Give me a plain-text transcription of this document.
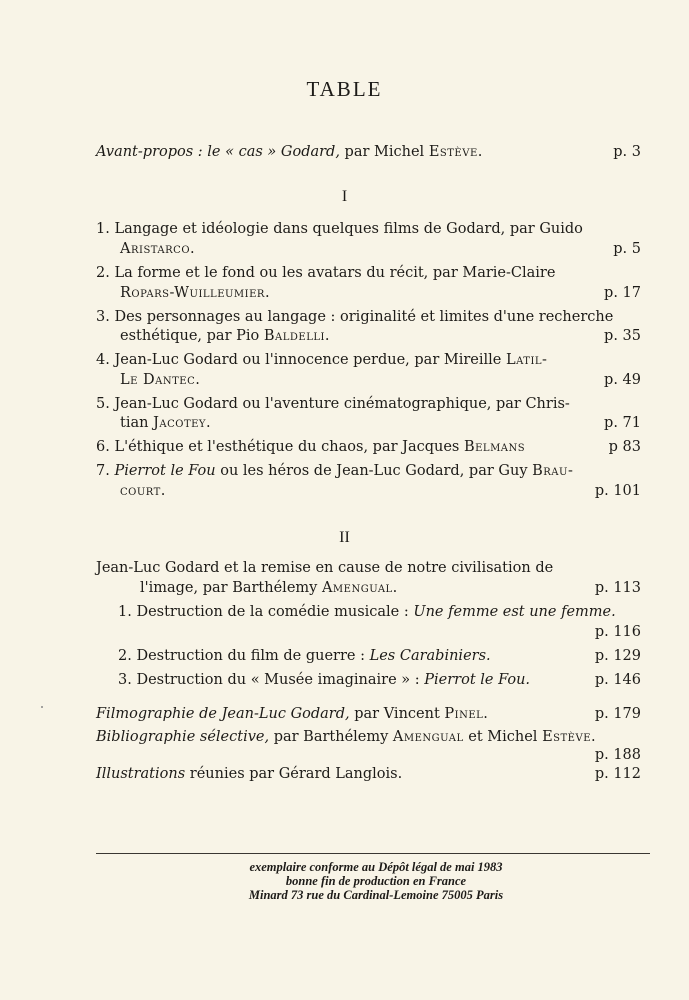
TABLE
Avant-propos : le « cas » Godard, par Michel Estève.	p. 3
I
1. Langage et idéologie dans quelques films de Godard, par Guido
Aristarco.	p. 5
2. La forme et le fond ou les avatars du récit, par Marie-Claire
Ropars-Wuilleumier.	p. 17
3. Des personnages au langage : originalité et limites d'une recherche
esthétique, par Pio Baldelli.	p. 35
4. Jean-Luc Godard ou l'innocence perdue, par Mireille Latil-
Le Dantec.	p. 49
5. Jean-Luc Godard ou l'aventure cinématographique, par Chris-
tian Jacotey.	p. 71
6. L'éthique et l'esthétique du chaos, par Jacques Belmans	p 83
7. Pierrot le Fou ou les héros de Jean-Luc Godard, par Guy Brau-
court.	p. 101
II
Jean-Luc Godard et la remise en cause de notre civilisation de
l'image, par Barthélemy Amengual.	p. 113
1. Destruction de la comédie musicale : Une femme est une femme.
p. 116
2. Destruction du film de guerre : Les Carabiniers.	p. 129
3. Destruction du « Musée imaginaire » : Pierrot le Fou.	p. 146
Filmographie de Jean-Luc Godard, par Vincent Pinel.	p. 179
Bibliographie sélective, par Barthélemy Amengual et Michel Estève.
p. 188
Illustrations réunies par Gérard Langlois.	p. 112
exemplaire conforme au Dépôt légal de mai 1983
bonne fin de production en France
Minard 73 rue du Cardinal-Lemoine 75005 Paris
